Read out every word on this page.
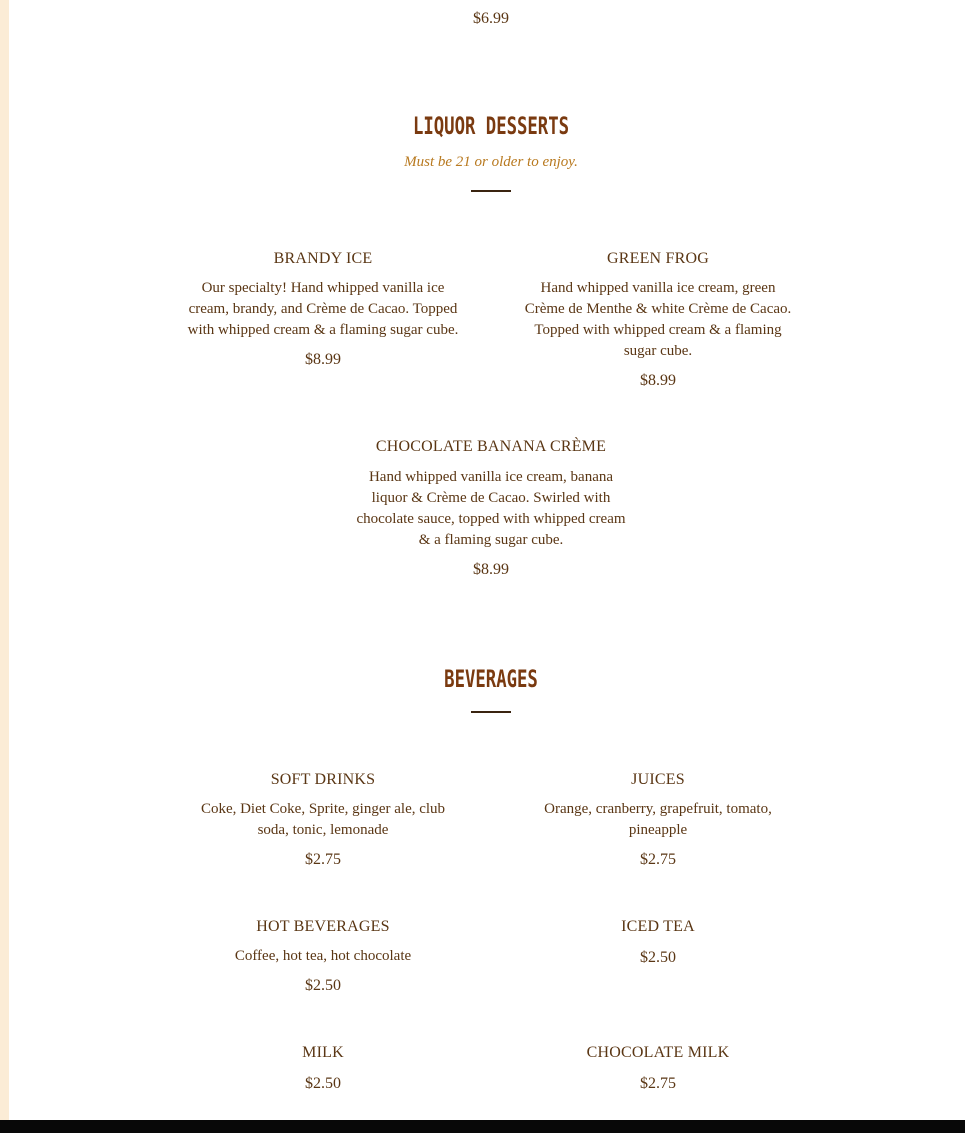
$6.99
LIQUOR DESSERTS
Must be 21 or older to enjoy.
BRANDY ICE
Our specialty! Hand whipped vanilla ice
cream, brandy, and Crème de Cacao. Topped
with whipped cream & a flaming sugar cube.
$8.99
GREEN FROG
Hand whipped vanilla ice cream, green
Crème de Menthe & white Crème de Cacao.
Topped with whipped cream & a flaming
sugar cube.
$8.99
CHOCOLATE BANANA CRÈME
Hand whipped vanilla ice cream, banana
liquor & Crème de Cacao. Swirled with
chocolate sauce, topped with whipped cream
& a flaming sugar cube.
$8.99
BEVERAGES
SOFT DRINKS
Coke, Diet Coke, Sprite, ginger ale, club
soda, tonic, lemonade
$2.75
JUICES
Orange, cranberry, grapefruit, tomato,
pineapple
$2.75
HOT BEVERAGES
Coffee, hot tea, hot chocolate
$2.50
ICED TEA
$2.50
MILK
$2.50
CHOCOLATE MILK
$2.75
